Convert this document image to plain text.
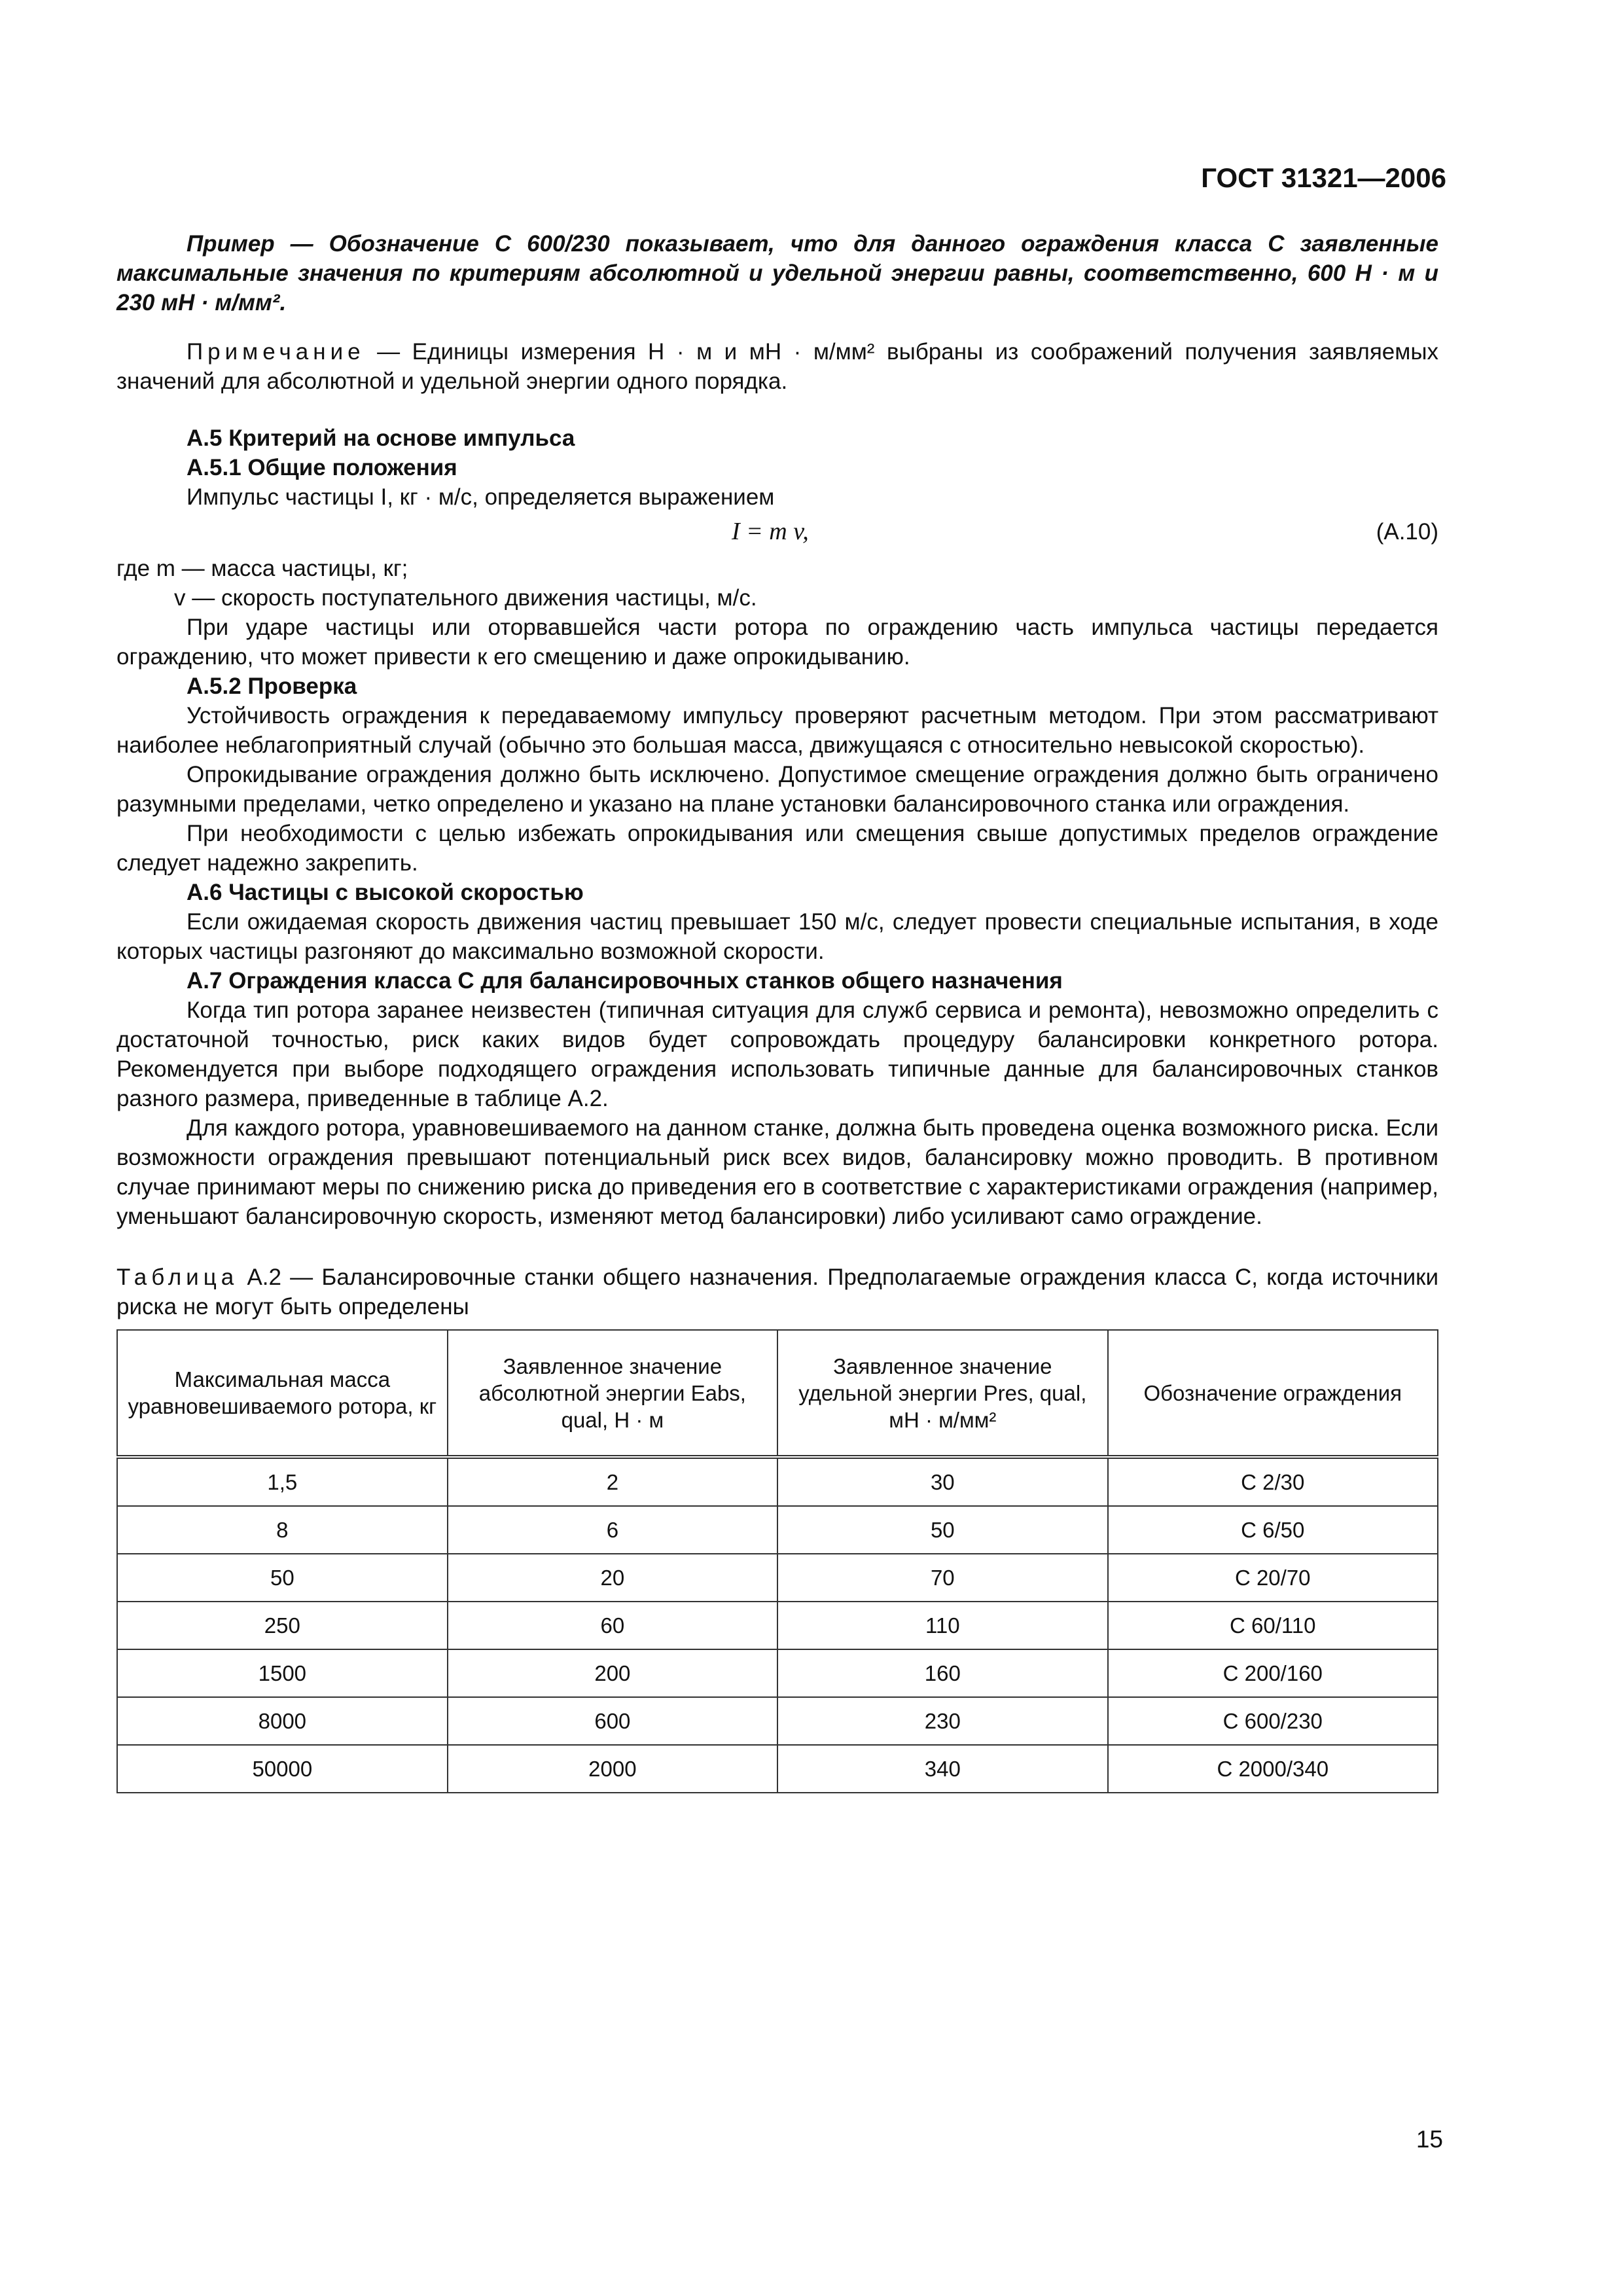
ГОСТ 31321—2006

Пример — Обозначение С 600/230 показывает, что для данного ограждения класса С заявленные максимальные значения по критериям абсолютной и удельной энергии равны, соответственно, 600 Н · м и 230 мН · м/мм².

Примечание — Единицы измерения Н · м и мН · м/мм² выбраны из соображений получения заявляемых значений для абсолютной и удельной энергии одного порядка.

А.5 Критерий на основе импульса
А.5.1 Общие положения

Импульс частицы I, кг · м/с, определяется выражением

I = m v,	(А.10)

где m — масса частицы, кг;

v — скорость поступательного движения частицы, м/с.

При ударе частицы или оторвавшейся части ротора по ограждению часть импульса частицы передается ограждению, что может привести к его смещению и даже опрокидыванию.

А.5.2 Проверка

Устойчивость ограждения к передаваемому импульсу проверяют расчетным методом. При этом рассматривают наиболее неблагоприятный случай (обычно это большая масса, движущаяся с относительно невысокой скоростью).

Опрокидывание ограждения должно быть исключено. Допустимое смещение ограждения должно быть ограничено разумными пределами, четко определено и указано на плане установки балансировочного станка или ограждения.

При необходимости с целью избежать опрокидывания или смещения свыше допустимых пределов ограждение следует надежно закрепить.

А.6 Частицы с высокой скоростью

Если ожидаемая скорость движения частиц превышает 150 м/с, следует провести специальные испытания, в ходе которых частицы разгоняют до максимально возможной скорости.

А.7 Ограждения класса С для балансировочных станков общего назначения

Когда тип ротора заранее неизвестен (типичная ситуация для служб сервиса и ремонта), невозможно определить с достаточной точностью, риск каких видов будет сопровождать процедуру балансировки конкретного ротора. Рекомендуется при выборе подходящего ограждения использовать типичные данные для балансировочных станков разного размера, приведенные в таблице А.2.

Для каждого ротора, уравновешиваемого на данном станке, должна быть проведена оценка возможного риска. Если возможности ограждения превышают потенциальный риск всех видов, балансировку можно проводить. В противном случае принимают меры по снижению риска до приведения его в соответствие с характеристиками ограждения (например, уменьшают балансировочную скорость, изменяют метод балансировки) либо усиливают само ограждение.

Таблица А.2 — Балансировочные станки общего назначения. Предполагаемые ограждения класса С, когда источники риска не могут быть определены

Максимальная масса уравновешиваемого ротора, кг	Заявленное значение абсолютной энергии Eabs, qual, Н · м	Заявленное значение удельной энергии Pres, qual, мН · м/мм²	Обозначение ограждения
1,5	2	30	С 2/30
8	6	50	С 6/50
50	20	70	С 20/70
250	60	110	С 60/110
1500	200	160	С 200/160
8000	600	230	С 600/230
50000	2000	340	С 2000/340
15
